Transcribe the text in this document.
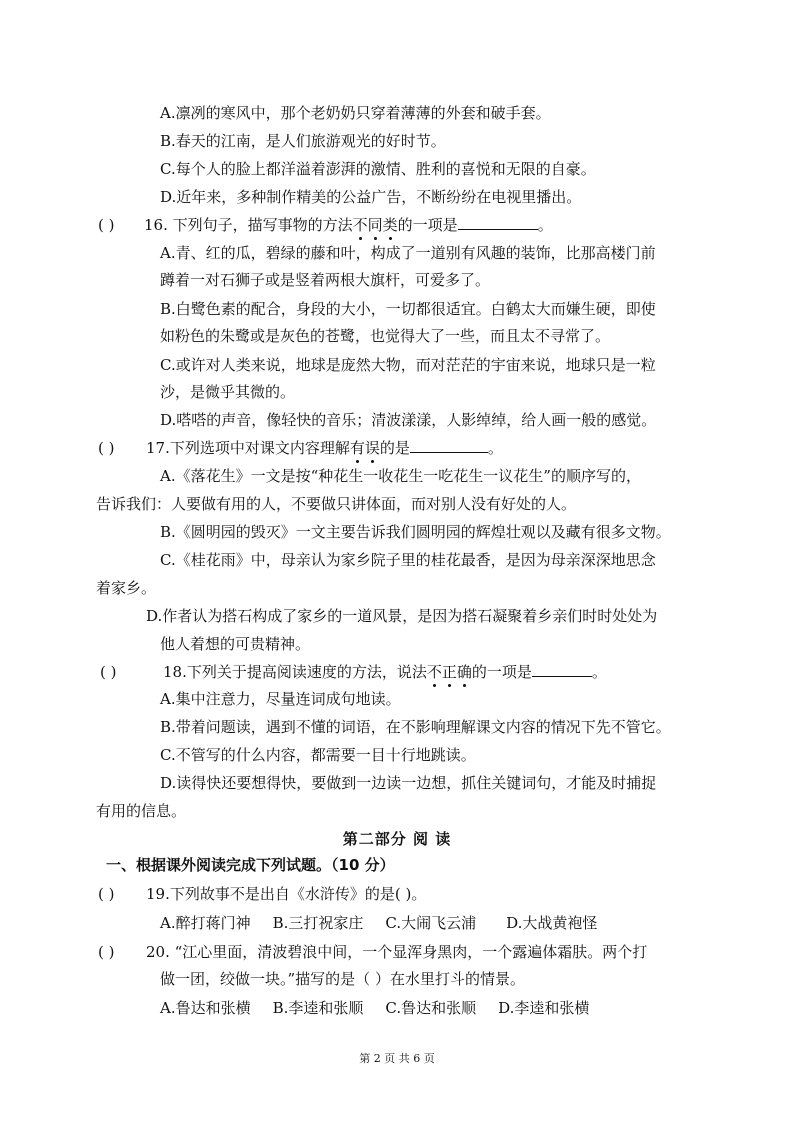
A.凛冽的寒风中，那个老奶奶只穿着薄薄的外套和破手套。
B.春天的江南，是人们旅游观光的好时节。
C.每个人的脸上都洋溢着澎湃的激情、胜利的喜悦和无限的自豪。
D.近年来，多种制作精美的公益广告，不断纷纷在电视里播出。
( ) 16. 下列句子，描写事物的方法不同类的一项是	。
A.青、红的瓜，碧绿的藤和叶，构成了一道别有风趣的装饰，比那高楼门前
蹲着一对石狮子或是竖着两根大旗杆，可爱多了。
B.白鹭色素的配合，身段的大小，一切都很适宜。白鹤太大而嫌生硬，即使
如粉色的朱鹭或是灰色的苍鹭，也觉得大了一些，而且太不寻常了。
C.或许对人类来说，地球是庞然大物，而对茫茫的宇宙来说，地球只是一粒
沙，是微乎其微的。
D.嗒嗒的声音，像轻快的音乐；清波漾漾，人影绰绰，给人画一般的感觉。
( ) 17.下列选项中对课文内容理解有误的是	。
A.《落花生》一文是按“种花生一收花生一吃花生一议花生”的顺序写的，
告诉我们：人要做有用的人，不要做只讲体面，而对别人没有好处的人。
B.《圆明园的毁灭》一文主要告诉我们圆明园的辉煌壮观以及藏有很多文物。
C.《桂花雨》中，母亲认为家乡院子里的桂花最香，是因为母亲深深地思念
着家乡。
D.作者认为搭石构成了家乡的一道风景，是因为搭石凝聚着乡亲们时时处处为
他人着想的可贵精神。
( )	18.下列关于提高阅读速度的方法，说法不正确的一项是	。
A.集中注意力，尽量连词成句地读。
B.带着问题读，遇到不懂的词语，在不影响理解课文内容的情况下先不管它。
C.不管写的什么内容，都需要一目十行地跳读。
D.读得快还要想得快，要做到一边读一边想，抓住关键词句，才能及时捕捉
有用的信息。
第二部分 阅 读
一、根据课外阅读完成下列试题。（10 分）
( ) 19.下列故事不是出自《水浒传》的是( )。
A.醉打蒋门神 B.三打祝家庄 C.大闹飞云浦 D.大战黄袍怪
( ) 20. “江心里面，清波碧浪中间，一个显浑身黑肉，一个露遍体霜肤。两个打
做一团，绞做一块。”描写的是（ ）在水里打斗的情景。
A.鲁达和张横 B.李逵和张顺 C.鲁达和张顺 D.李逵和张横
第 2 页 共 6 页
